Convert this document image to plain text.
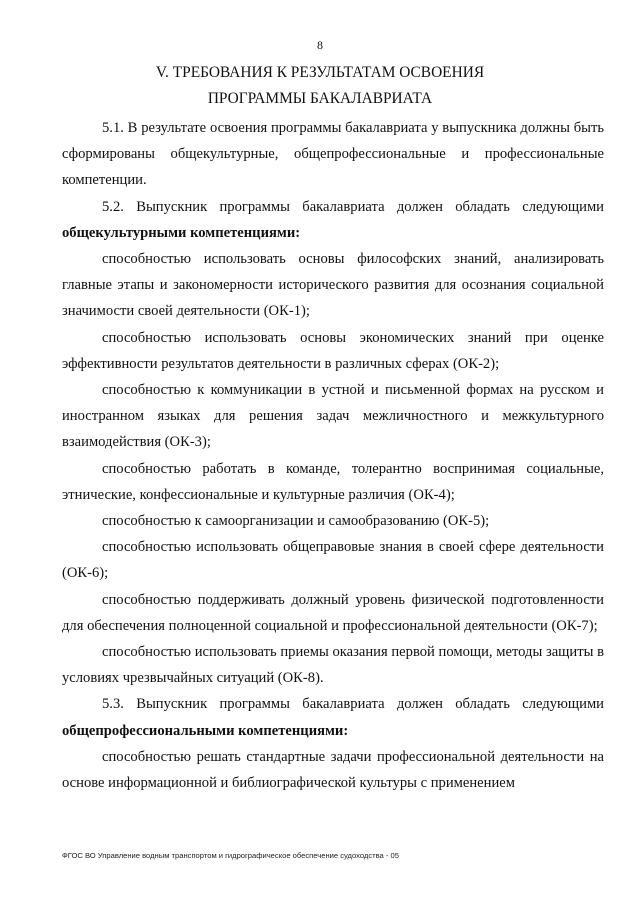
8
V. ТРЕБОВАНИЯ К РЕЗУЛЬТАТАМ ОСВОЕНИЯ
ПРОГРАММЫ БАКАЛАВРИАТА

5.1. В результате освоения программы бакалавриата у выпускника должны быть сформированы общекультурные, общепрофессиональные и профессиональные компетенции.

5.2. Выпускник программы бакалавриата должен обладать следующими общекультурными компетенциями:

способностью использовать основы философских знаний, анализировать главные этапы и закономерности исторического развития для осознания социальной значимости своей деятельности (ОК-1);

способностью использовать основы экономических знаний при оценке эффективности результатов деятельности в различных сферах (ОК-2);

способностью к коммуникации в устной и письменной формах на русском и иностранном языках для решения задач межличностного и межкультурного взаимодействия (ОК-3);

способностью работать в команде, толерантно воспринимая социальные, этнические, конфессиональные и культурные различия (ОК-4);

способностью к самоорганизации и самообразованию (ОК-5);

способностью использовать общеправовые знания в своей сфере деятельности (ОК-6);

способностью поддерживать должный уровень физической подготовленности для обеспечения полноценной социальной и профессиональной деятельности (ОК-7);

способностью использовать приемы оказания первой помощи, методы защиты в условиях чрезвычайных ситуаций (ОК-8).

5.3. Выпускник программы бакалавриата должен обладать следующими общепрофессиональными компетенциями:

способностью решать стандартные задачи профессиональной деятельности на основе информационной и библиографической культуры с применением

ФГОС ВО Управление водным транспортом и гидрографическое обеспечение судоходства - 05
